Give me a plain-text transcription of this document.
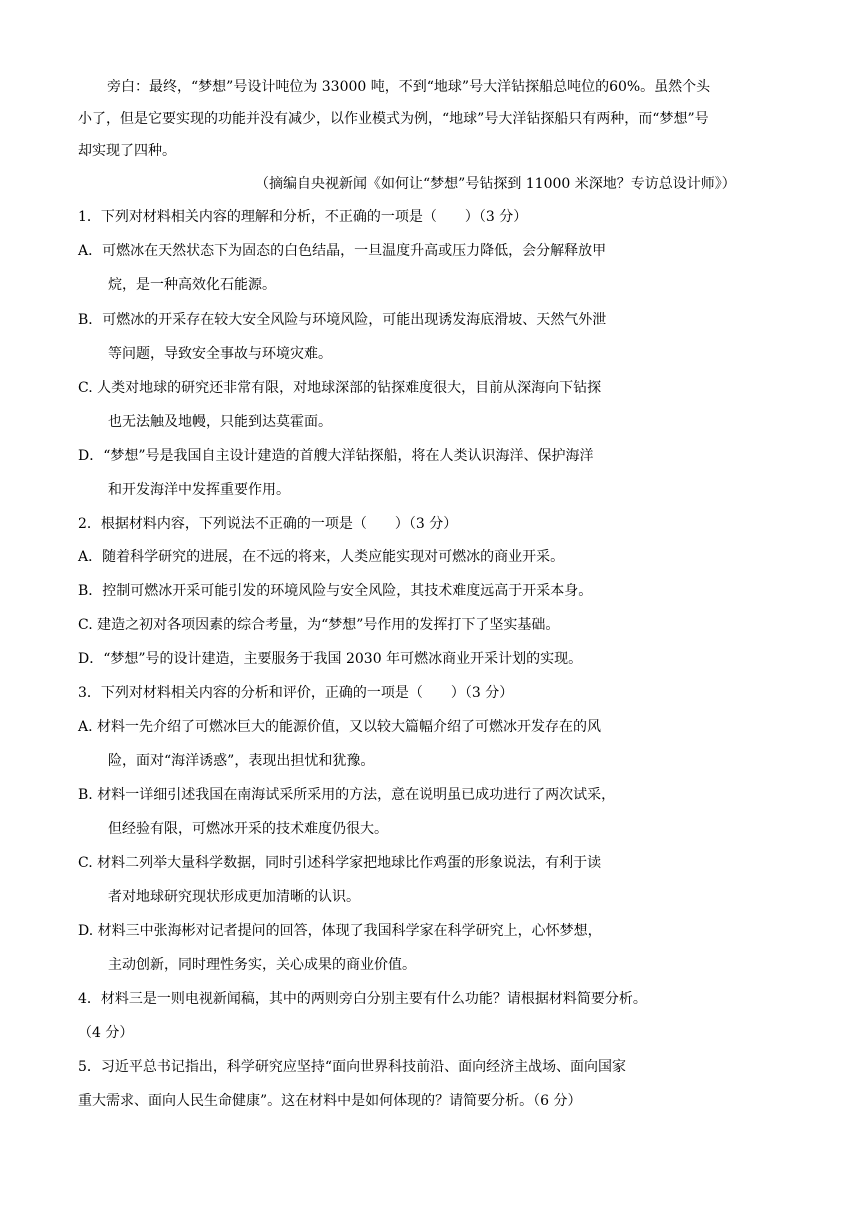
旁白：最终，“梦想”号设计吨位为 33000 吨，不到“地球”号大洋钻探船总吨位的60%。虽然个头
小了，但是它要实现的功能并没有减少，以作业模式为例，“地球”号大洋钻探船只有两种，而“梦想”号
却实现了四种。
（摘编自央视新闻《如何让“梦想”号钻探到 11000 米深地？专访总设计师》）
1．下列对材料相关内容的理解和分析，不正确的一项是（　　）（3 分）
A．可燃冰在天然状态下为固态的白色结晶，一旦温度升高或压力降低，会分解释放甲
烷，是一种高效化石能源。
B．可燃冰的开采存在较大安全风险与环境风险，可能出现诱发海底滑坡、天然气外泄
等问题，导致安全事故与环境灾难。
C. 人类对地球的研究还非常有限，对地球深部的钻探难度很大，目前从深海向下钻探
也无法触及地幔，只能到达莫霍面。
D．“梦想”号是我国自主设计建造的首艘大洋钻探船，将在人类认识海洋、保护海洋
和开发海洋中发挥重要作用。
2．根据材料内容，下列说法不正确的一项是（　　）（3 分）
A．随着科学研究的进展，在不远的将来，人类应能实现对可燃冰的商业开采。
B．控制可燃冰开采可能引发的环境风险与安全风险，其技术难度远高于开采本身。
C. 建造之初对各项因素的综合考量，为“梦想”号作用的发挥打下了坚实基础。
D．“梦想”号的设计建造，主要服务于我国 2030 年可燃冰商业开采计划的实现。
3．下列对材料相关内容的分析和评价，正确的一项是（　　）（3 分）
A. 材料一先介绍了可燃冰巨大的能源价值，又以较大篇幅介绍了可燃冰开发存在的风
险，面对“海洋诱惑”，表现出担忧和犹豫。
B. 材料一详细引述我国在南海试采所采用的方法，意在说明虽已成功进行了两次试采，
但经验有限，可燃冰开采的技术难度仍很大。
C. 材料二列举大量科学数据，同时引述科学家把地球比作鸡蛋的形象说法，有利于读
者对地球研究现状形成更加清晰的认识。
D. 材料三中张海彬对记者提问的回答，体现了我国科学家在科学研究上，心怀梦想，
主动创新，同时理性务实，关心成果的商业价值。
4．材料三是一则电视新闻稿，其中的两则旁白分别主要有什么功能？请根据材料简要分析。
（4 分）
5．习近平总书记指出，科学研究应坚持“面向世界科技前沿、面向经济主战场、面向国家
重大需求、面向人民生命健康”。这在材料中是如何体现的？请简要分析。（6 分）
